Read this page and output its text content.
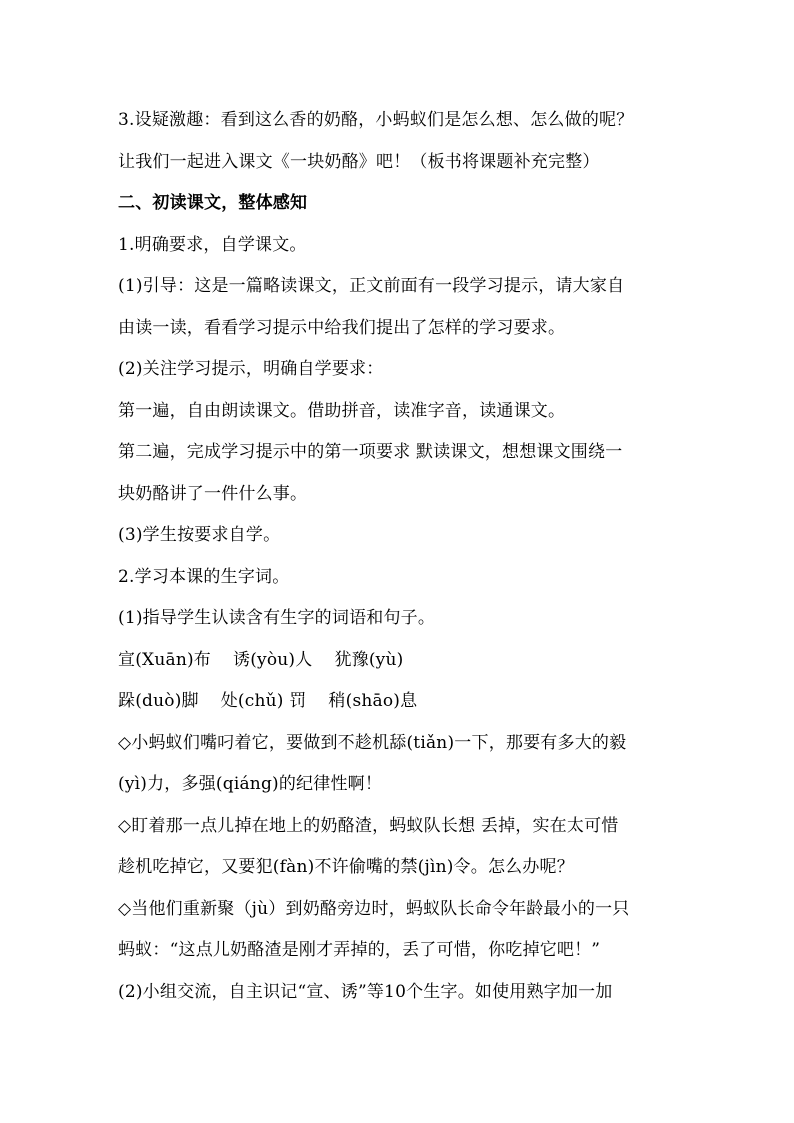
3.设疑激趣：看到这么香的奶酪，小蚂蚁们是怎么想、怎么做的呢？
让我们一起进入课文《一块奶酪》吧！（板书将课题补充完整）
二、初读课文，整体感知
1.明确要求，自学课文。
(1)引导：这是一篇略读课文，正文前面有一段学习提示，请大家自
由读一读，看看学习提示中给我们提出了怎样的学习要求。
(2)关注学习提示，明确自学要求：
第一遍，自由朗读课文。借助拼音，读准字音，读通课文。
第二遍，完成学习提示中的第一项要求 默读课文，想想课文围绕一
块奶酪讲了一件什么事。
(3)学生按要求自学。
2.学习本课的生字词。
(1)指导学生认读含有生字的词语和句子。
宣(Xuān)布 诱(yòu)人 犹豫(yù)
跺(duò)脚 处(chǔ) 罚 稍(shāo)息
◇小蚂蚁们嘴叼着它，要做到不趁机舔(tiǎn)一下，那要有多大的毅
(yì)力，多强(qiáng)的纪律性啊！
◇盯着那一点儿掉在地上的奶酪渣，蚂蚁队长想 丢掉，实在太可惜
趁机吃掉它，又要犯(fàn)不许偷嘴的禁(jìn)令。怎么办呢？
◇当他们重新聚（jù）到奶酪旁边时，蚂蚁队长命令年龄最小的一只
蚂蚁：“这点儿奶酪渣是刚才弄掉的，丢了可惜，你吃掉它吧！”
(2)小组交流，自主识记“宣、诱”等10个生字。如使用熟字加一加
